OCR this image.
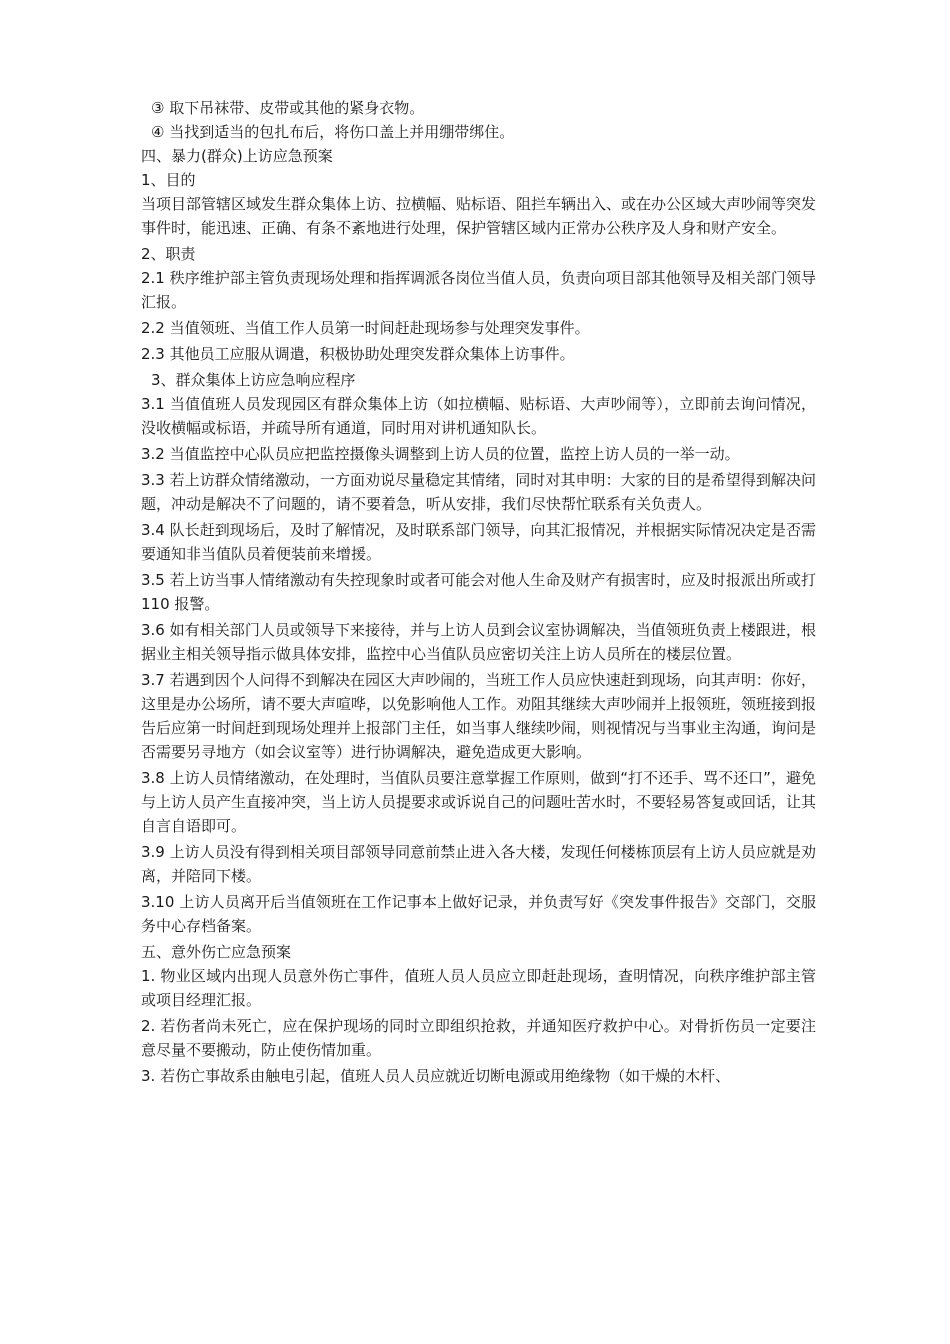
③ 取下吊袜带、皮带或其他的紧身衣物。

④ 当找到适当的包扎布后，将伤口盖上并用绷带绑住。

四、暴力(群众)上访应急预案

1、目的

当项目部管辖区域发生群众集体上访、拉横幅、贴标语、阻拦车辆出入、或在办公区域大声吵闹等突发事件时，能迅速、正确、有条不紊地进行处理，保护管辖区域内正常办公秩序及人身和财产安全。

2、职责

2.1 秩序维护部主管负责现场处理和指挥调派各岗位当值人员，负责向项目部其他领导及相关部门领导汇报。

2.2 当值领班、当值工作人员第一时间赶赴现场参与处理突发事件。

2.3 其他员工应服从调遣，积极协助处理突发群众集体上访事件。

3、群众集体上访应急响应程序

3.1 当值值班人员发现园区有群众集体上访（如拉横幅、贴标语、大声吵闹等），立即前去询问情况，没收横幅或标语，并疏导所有通道，同时用对讲机通知队长。

3.2 当值监控中心队员应把监控摄像头调整到上访人员的位置，监控上访人员的一举一动。

3.3 若上访群众情绪激动，一方面劝说尽量稳定其情绪，同时对其申明：大家的目的是希望得到解决问题，冲动是解决不了问题的，请不要着急，听从安排，我们尽快帮忙联系有关负责人。

3.4 队长赶到现场后，及时了解情况，及时联系部门领导，向其汇报情况，并根据实际情况决定是否需要通知非当值队员着便装前来增援。

3.5 若上访当事人情绪激动有失控现象时或者可能会对他人生命及财产有损害时，应及时报派出所或打 110 报警。

3.6 如有相关部门人员或领导下来接待，并与上访人员到会议室协调解决，当值领班负责上楼跟进，根据业主相关领导指示做具体安排，监控中心当值队员应密切关注上访人员所在的楼层位置。

3.7 若遇到因个人问得不到解决在园区大声吵闹的，当班工作人员应快速赶到现场，向其声明：你好，这里是办公场所，请不要大声喧哗，以免影响他人工作。劝阻其继续大声吵闹并上报领班，领班接到报告后应第一时间赶到现场处理并上报部门主任，如当事人继续吵闹，则视情况与当事业主沟通，询问是否需要另寻地方（如会议室等）进行协调解决，避免造成更大影响。

3.8 上访人员情绪激动，在处理时，当值队员要注意掌握工作原则，做到“打不还手、骂不还口”，避免与上访人员产生直接冲突，当上访人员提要求或诉说自己的问题吐苦水时，不要轻易答复或回话，让其自言自语即可。

3.9 上访人员没有得到相关项目部领导同意前禁止进入各大楼，发现任何楼栋顶层有上访人员应就是劝离，并陪同下楼。

3.10 上访人员离开后当值领班在工作记事本上做好记录，并负责写好《突发事件报告》交部门，交服务中心存档备案。

五、意外伤亡应急预案

1. 物业区域内出现人员意外伤亡事件，值班人员人员应立即赶赴现场，查明情况，向秩序维护部主管或项目经理汇报。

2. 若伤者尚未死亡，应在保护现场的同时立即组织抢救，并通知医疗救护中心。对骨折伤员一定要注意尽量不要搬动，防止使伤情加重。

3. 若伤亡事故系由触电引起，值班人员人员应就近切断电源或用绝缘物（如干燥的木杆、
